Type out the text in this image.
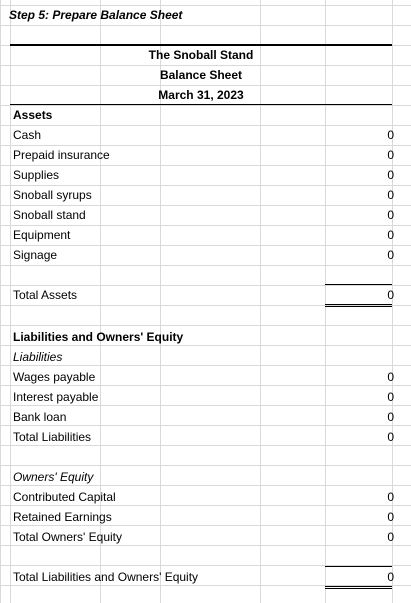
Step 5: Prepare Balance Sheet
The Snoball Stand
Balance Sheet
March 31, 2023
Assets
Cash	0
Prepaid insurance	0
Supplies	0
Snoball syrups	0
Snoball stand	0
Equipment	0
Signage	0
Total Assets	0
Liabilities and Owners' Equity
Liabilities
Wages payable	0
Interest payable	0
Bank loan	0
Total Liabilities	0
Owners' Equity
Contributed Capital	0
Retained Earnings	0
Total Owners' Equity	0
Total Liabilities and Owners' Equity	0
